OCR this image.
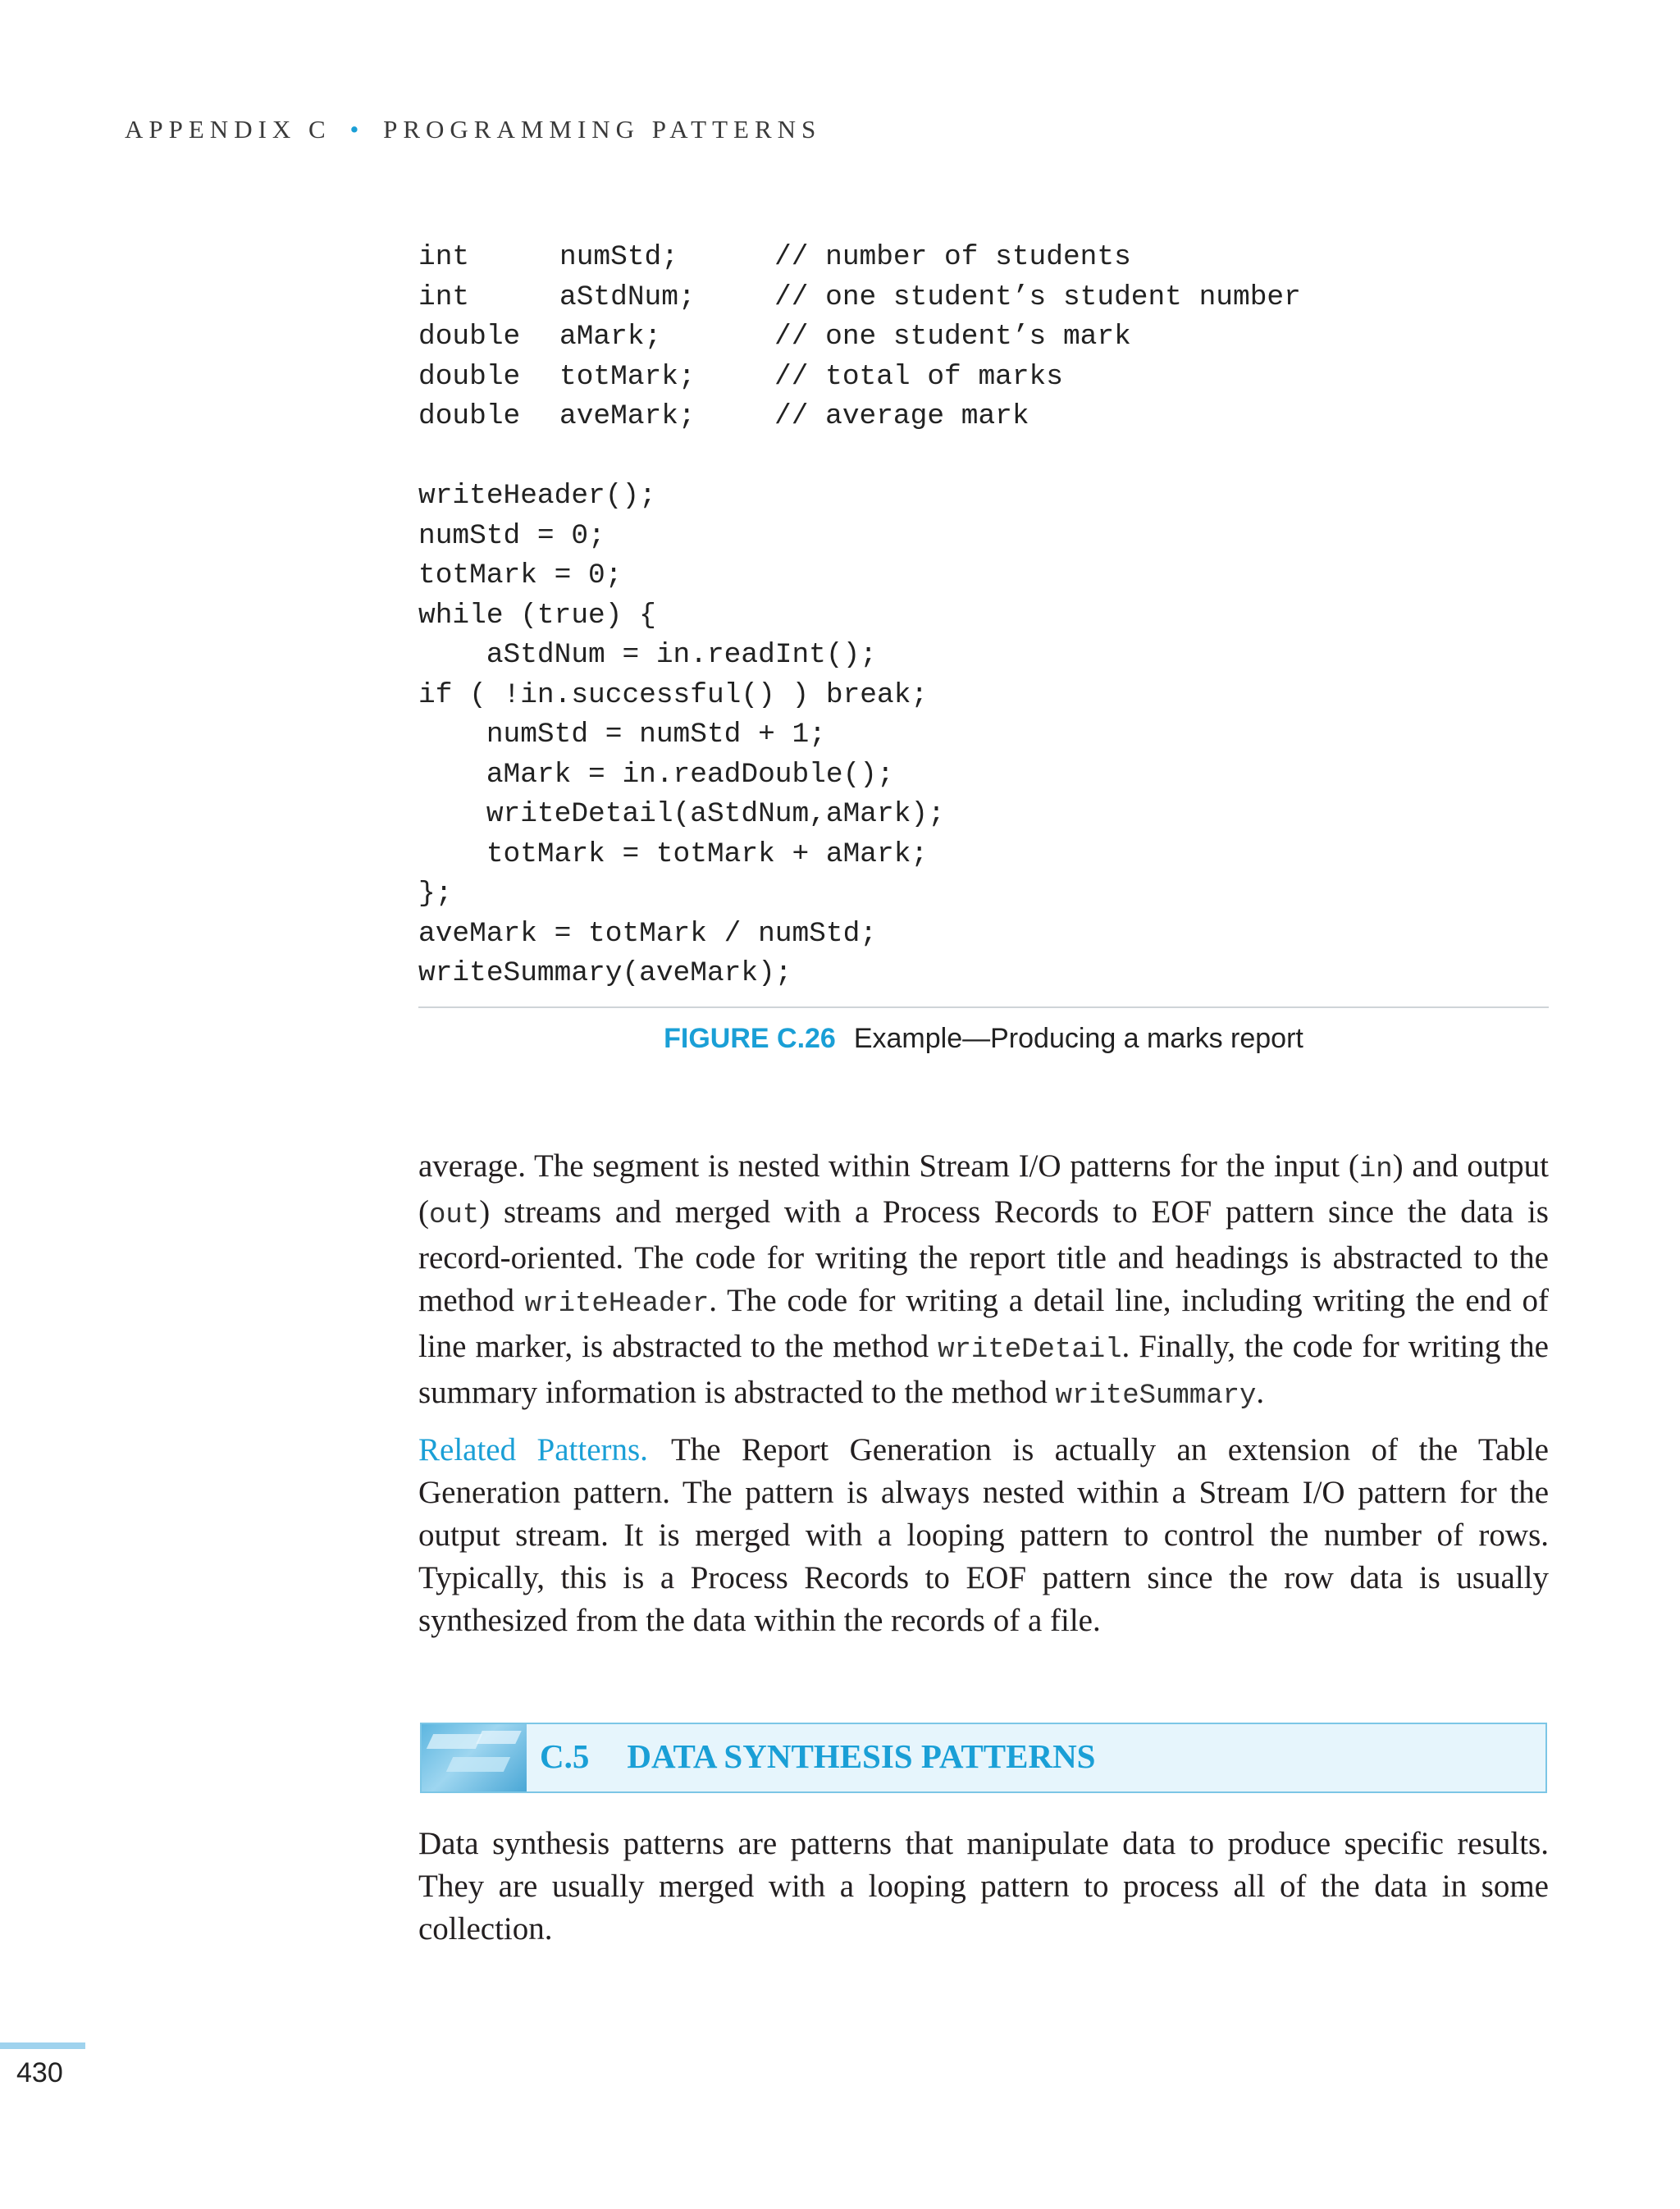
APPENDIX C • PROGRAMMING PATTERNS
int	numStd;	// number of students
int	aStdNum;	// one student’s student number
double aMark;	// one student’s mark
double totMark;	// total of marks
double aveMark;	// average mark
writeHeader();
numStd = 0;
totMark = 0;
while (true) {
aStdNum = in.readInt();
if ( !in.successful() ) break;
numStd = numStd + 1;
aMark = in.readDouble();
writeDetail(aStdNum,aMark);
totMark = totMark + aMark;
};
aveMark = totMark / numStd;
writeSummary(aveMark);
FIGURE C.26 Example—Producing a marks report
average. The segment is nested within Stream I/O patterns for the input (in) and output (out) streams and merged with a Process Records to EOF pattern since the data is record-oriented. The code for writing the report title and headings is abstracted to the method writeHeader. The code for writing a detail line, including writing the end of line marker, is abstracted to the method writeDetail. Finally, the code for writing the summary information is abstracted to the method writeSummary.
Related Patterns. The Report Generation is actually an extension of the Table Generation pattern. The pattern is always nested within a Stream I/O pattern for the output stream. It is merged with a looping pattern to control the number of rows. Typically, this is a Process Records to EOF pattern since the row data is usually synthesized from the data within the records of a file.
C.5 DATA SYNTHESIS PATTERNS
Data synthesis patterns are patterns that manipulate data to produce specific results. They are usually merged with a looping pattern to process all of the data in some collection.
430
